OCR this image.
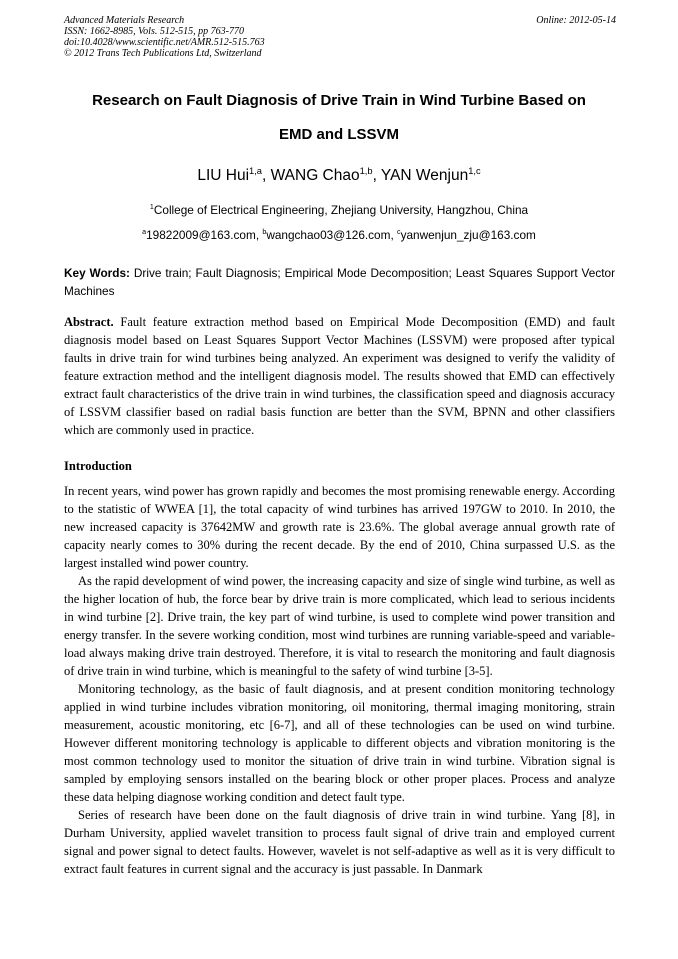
Advanced Materials Research
ISSN: 1662-8985, Vols. 512-515, pp 763-770
doi:10.4028/www.scientific.net/AMR.512-515.763
© 2012 Trans Tech Publications Ltd, Switzerland
Online: 2012-05-14
Research on Fault Diagnosis of Drive Train in Wind Turbine Based on
EMD and LSSVM
LIU Hui$^{1,a}$, WANG Chao$^{1,b}$, YAN Wenjun$^{1,c}$
$^1$College of Electrical Engineering, Zhejiang University, Hangzhou, China
$^a$19822009@163.com, $^b$wangchao03@126.com, $^c$yanwenjun_zju@163.com
Key Words: Drive train; Fault Diagnosis; Empirical Mode Decomposition; Least Squares Support Vector Machines
Abstract. Fault feature extraction method based on Empirical Mode Decomposition (EMD) and fault diagnosis model based on Least Squares Support Vector Machines (LSSVM) were proposed after typical faults in drive train for wind turbines being analyzed. An experiment was designed to verify the validity of feature extraction method and the intelligent diagnosis model. The results showed that EMD can effectively extract fault characteristics of the drive train in wind turbines, the classification speed and diagnosis accuracy of LSSVM classifier based on radial basis function are better than the SVM, BPNN and other classifiers which are commonly used in practice.
Introduction

In recent years, wind power has grown rapidly and becomes the most promising renewable energy. According to the statistic of WWEA [1], the total capacity of wind turbines has arrived 197GW to 2010. In 2010, the new increased capacity is 37642MW and growth rate is 23.6%. The global average annual growth rate of capacity nearly comes to 30% during the recent decade. By the end of 2010, China surpassed U.S. as the largest installed wind power country.

As the rapid development of wind power, the increasing capacity and size of single wind turbine, as well as the higher location of hub, the force bear by drive train is more complicated, which lead to serious incidents in wind turbine [2]. Drive train, the key part of wind turbine, is used to complete wind power transition and energy transfer. In the severe working condition, most wind turbines are running variable-speed and variable-load always making drive train destroyed. Therefore, it is vital to research the monitoring and fault diagnosis of drive train in wind turbine, which is meaningful to the safety of wind turbine [3-5].

Monitoring technology, as the basic of fault diagnosis, and at present condition monitoring technology applied in wind turbine includes vibration monitoring, oil monitoring, thermal imaging monitoring, strain measurement, acoustic monitoring, etc [6-7], and all of these technologies can be used on wind turbine. However different monitoring technology is applicable to different objects and vibration monitoring is the most common technology used to monitor the situation of drive train in wind turbine. Vibration signal is sampled by employing sensors installed on the bearing block or other proper places. Process and analyze these data helping diagnose working condition and detect fault type.

Series of research have been done on the fault diagnosis of drive train in wind turbine. Yang [8], in Durham University, applied wavelet transition to process fault signal of drive train and employed current signal and power signal to detect faults. However, wavelet is not self-adaptive as well as it is very difficult to extract fault features in current signal and the accuracy is just passable. In Danmark
